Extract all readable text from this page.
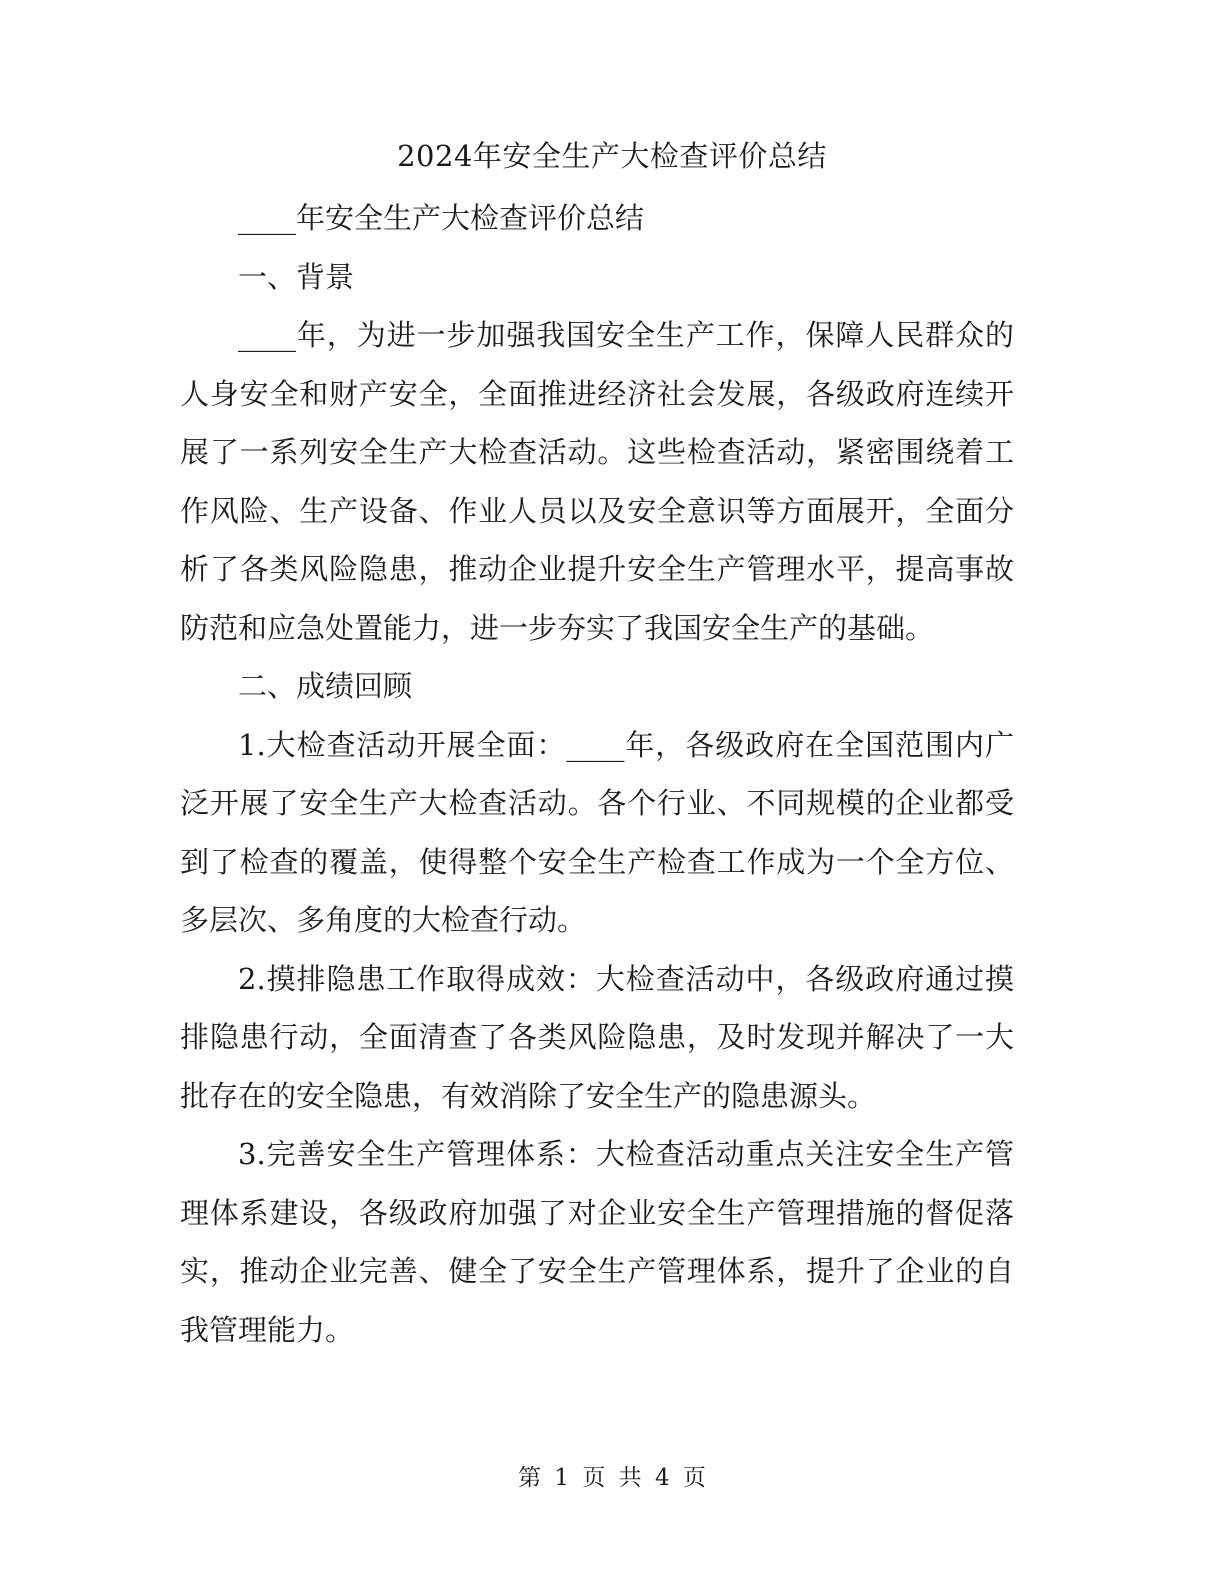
2024年安全生产大检查评价总结

____年安全生产大检查评价总结

一、背景

____年，为进一步加强我国安全生产工作，保障人民群众的人身安全和财产安全，全面推进经济社会发展，各级政府连续开展了一系列安全生产大检查活动。这些检查活动，紧密围绕着工作风险、生产设备、作业人员以及安全意识等方面展开，全面分析了各类风险隐患，推动企业提升安全生产管理水平，提高事故防范和应急处置能力，进一步夯实了我国安全生产的基础。

二、成绩回顾

1.大检查活动开展全面：____年，各级政府在全国范围内广泛开展了安全生产大检查活动。各个行业、不同规模的企业都受到了检查的覆盖，使得整个安全生产检查工作成为一个全方位、多层次、多角度的大检查行动。

2.摸排隐患工作取得成效：大检查活动中，各级政府通过摸排隐患行动，全面清查了各类风险隐患，及时发现并解决了一大批存在的安全隐患，有效消除了安全生产的隐患源头。

3.完善安全生产管理体系：大检查活动重点关注安全生产管理体系建设，各级政府加强了对企业安全生产管理措施的督促落实，推动企业完善、健全了安全生产管理体系，提升了企业的自我管理能力。

第 1 页 共 4 页
